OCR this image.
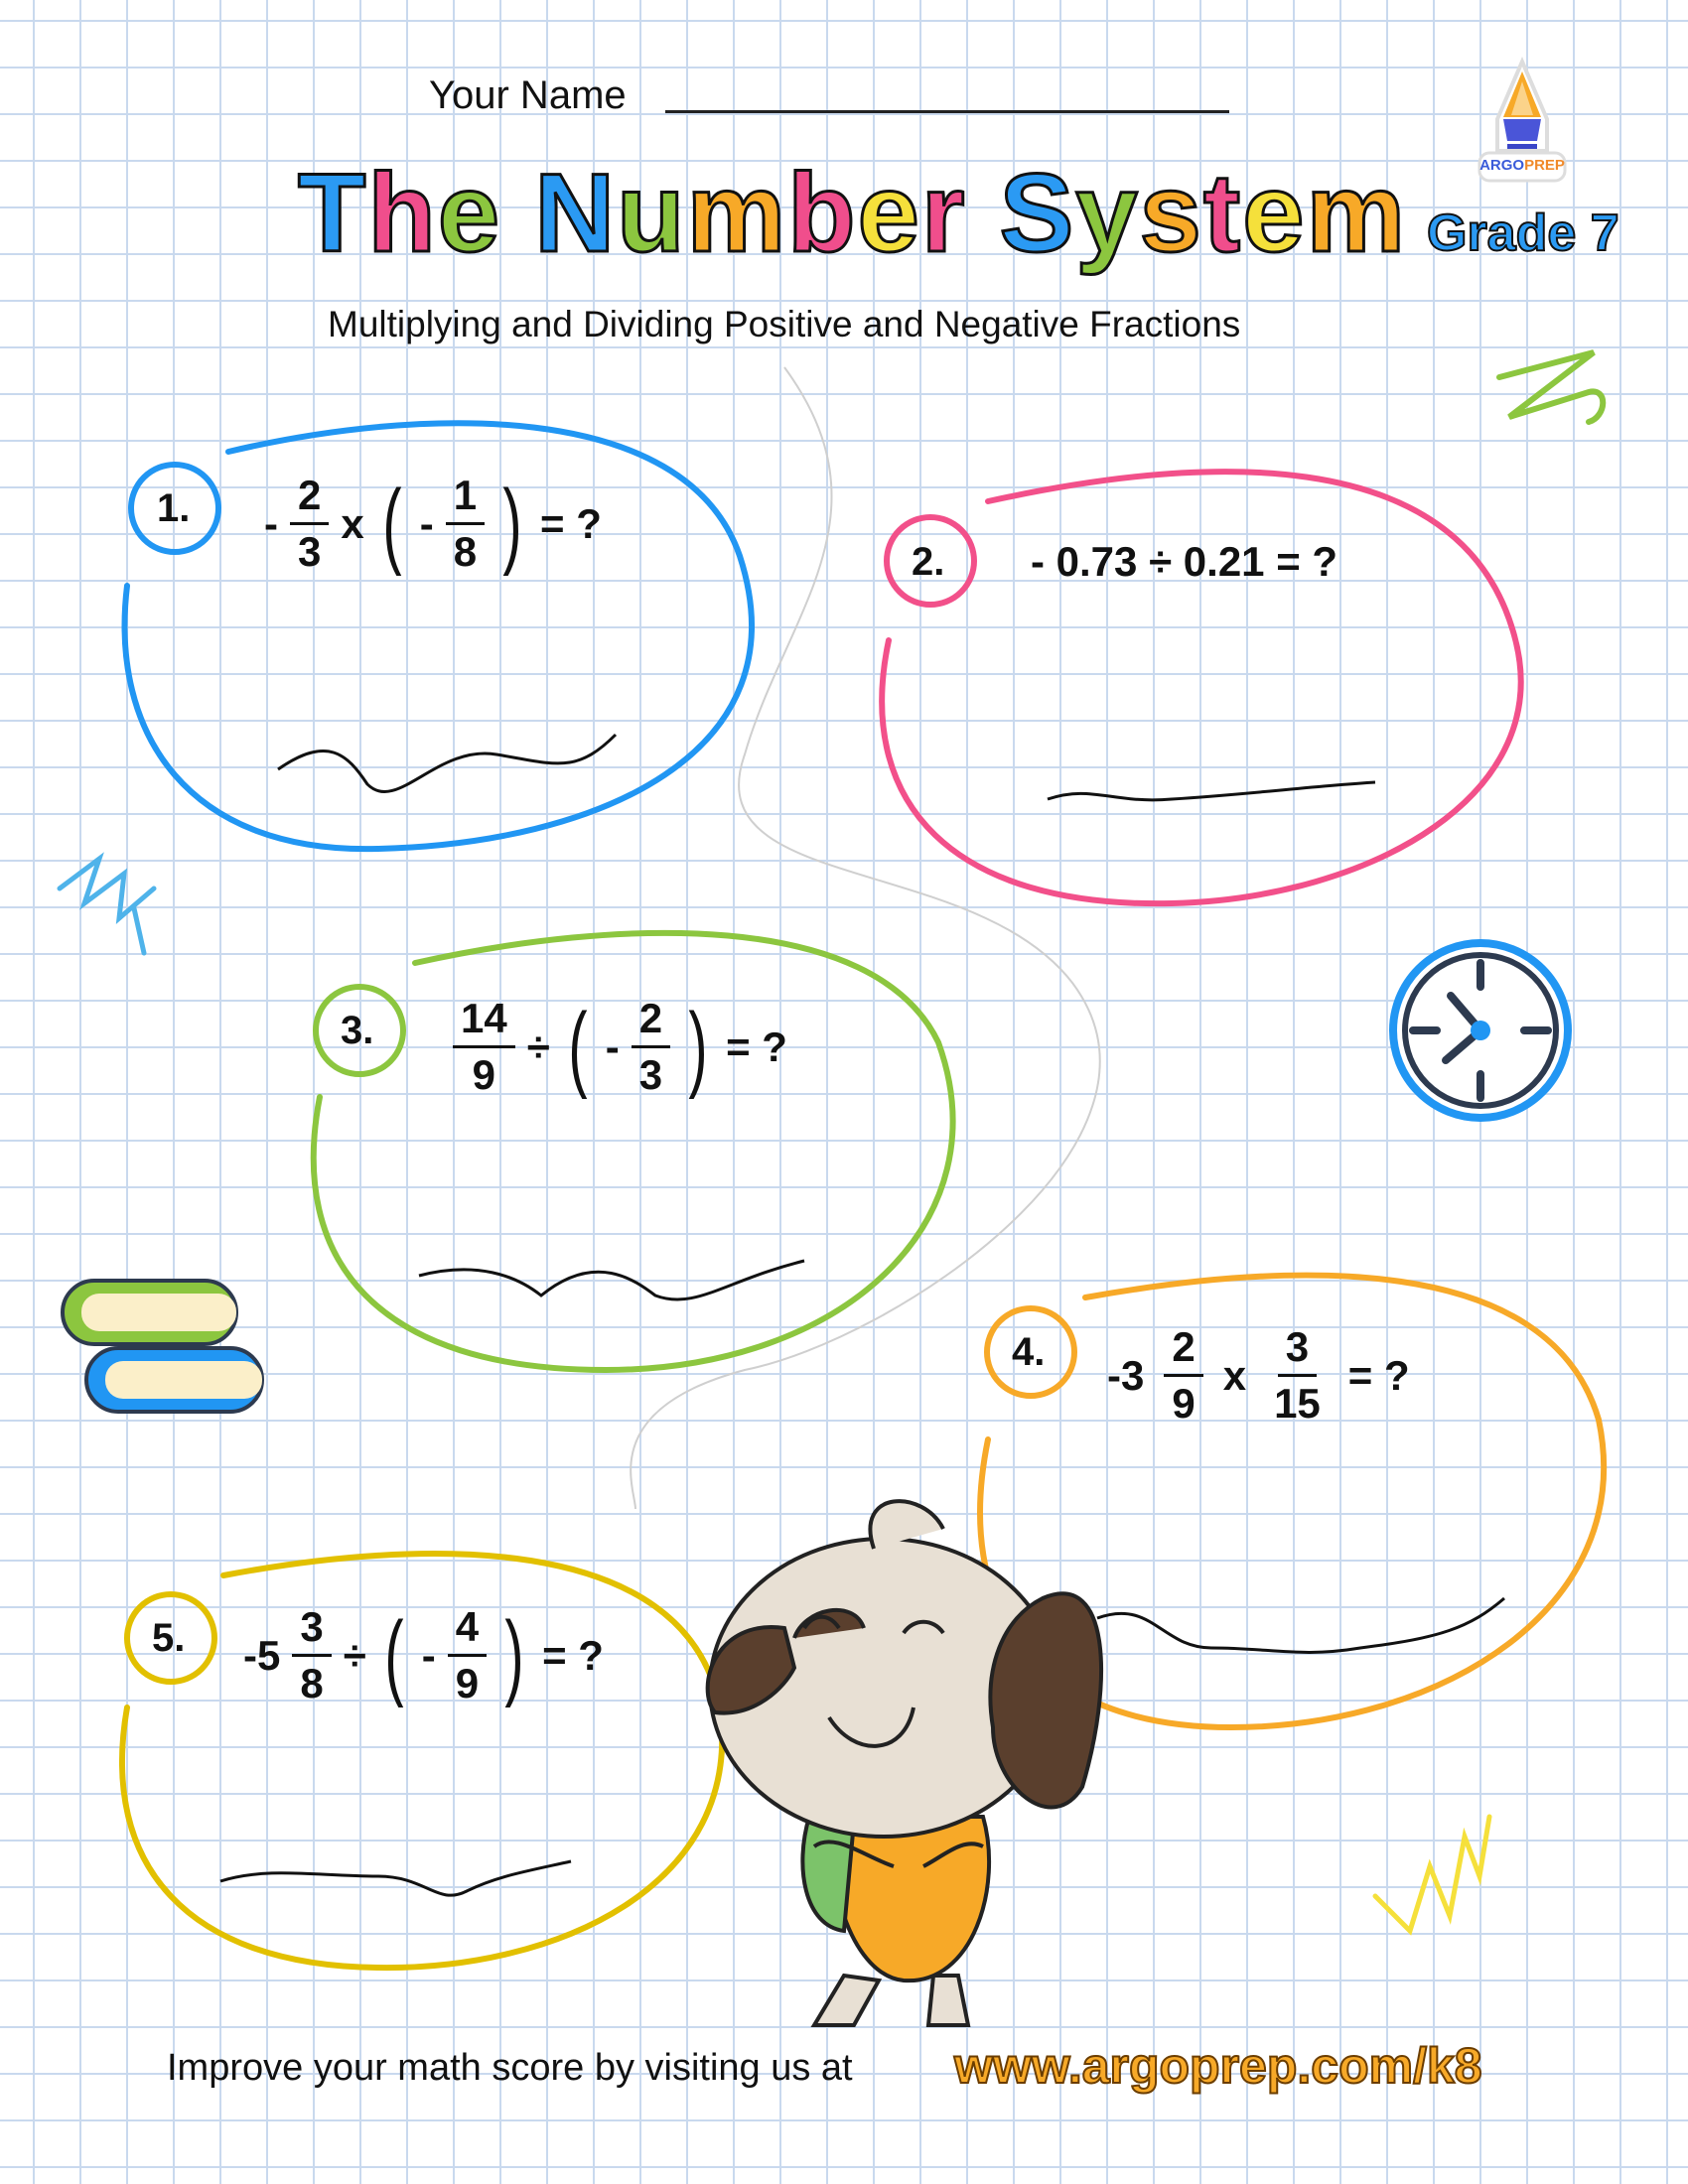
Your Name
The Number System Grade 7
Multiplying and Dividing Positive and Negative Fractions
ARGOPREP
1. - $\frac{2}{3}$ x ( - $\frac{1}{8}$ ) = ?
2. - 0.73 ÷ 0.21 = ?
3. $\frac{14}{9}$ ÷ ( - $\frac{2}{3}$ ) = ?
4. $-3 \frac{2}{9}$ x $\frac{3}{15}$ = ?
5. $-5 \frac{3}{8}$ ÷ ( - $\frac{4}{9}$ ) = ?
Improve your math score by visiting us at www.argoprep.com/k8
